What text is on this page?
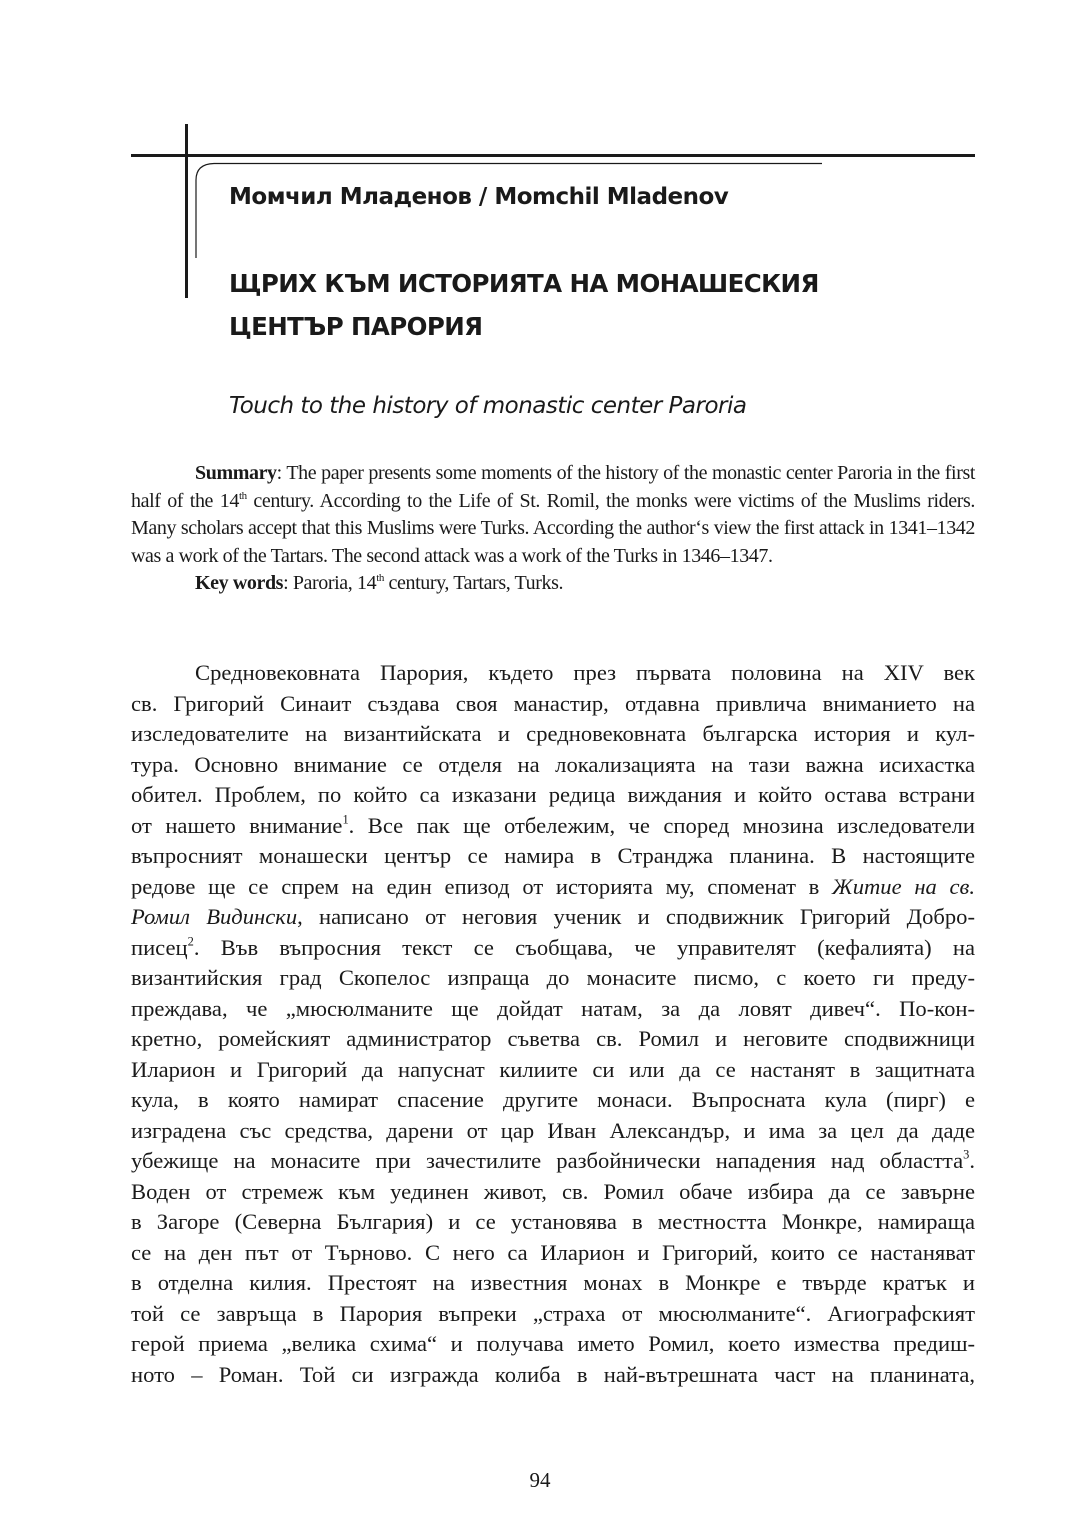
Момчил Младенов / Momchil Mladenov
ЩРИХ КЪМ ИСТОРИЯТА НА МОНАШЕСКИЯ
ЦЕНТЪР ПАРОРИЯ
Touch to the history of monastic center Paroria

Summary: The paper presents some moments of the history of the monastic center Paroria in the first half of the 14th century. According to the Life of St. Romil, the monks were victims of the Muslims riders. Many scholars accept that this Muslims were Turks. According the author‘s view the first attack in 1341–1342 was a work of the Tartars. The second attack was a work of the Turks in 1346–1347.

Key words: Paroria, 14th century, Tartars, Turks.

Средновековната Парория, където през първата половина на XIV век
св. Григорий Синаит създава своя манастир, отдавна привлича вниманието на
изследователите на византийската и средновековната българска история и кул-
тура. Основно внимание се отделя на локализацията на тази важна исихастка
обител. Проблем, по който са изказани редица виждания и който остава встрани
от нашето внимание$^1$. Все пак ще отбележим, че според мнозина изследователи
въпросният монашески център се намира в Странджа планина. В настоящите
редове ще се спрем на един епизод от историята му, споменат в Житие на св.
Ромил Видински, написано от неговия ученик и сподвижник Григорий Добро-
писец$^2$. Във въпросния текст се съобщава, че управителят (кефалията) на
византийския град Скопелос изпраща до монасите писмо, с което ги преду-
преждава, че „мюсюлманите ще дойдат натам, за да ловят дивеч“. По-кон-
кретно, ромейският администратор съветва св. Ромил и неговите сподвижници
Иларион и Григорий да напуснат килиите си или да се настанят в защитната
кула, в която намират спасение другите монаси. Въпросната кула (пирг) е
изградена със средства, дарени от цар Иван Александър, и има за цел да даде
убежище на монасите при зачестилите разбойнически нападения над областта$^3$.
Воден от стремеж към уединен живот, св. Ромил обаче избира да се завърне
в Загоре (Северна България) и се установява в местността Монкре, намираща
се на ден път от Търново. С него са Иларион и Григорий, които се настаняват
в отделна килия. Престоят на известния монах в Монкре е твърде кратък и
той се завръща в Парория въпреки „страха от мюсюлманите“. Агиографският
герой приема „велика схима“ и получава името Ромил, което измества предиш-
ното – Роман. Той си изгражда колиба в най-вътрешната част на планината,
94
